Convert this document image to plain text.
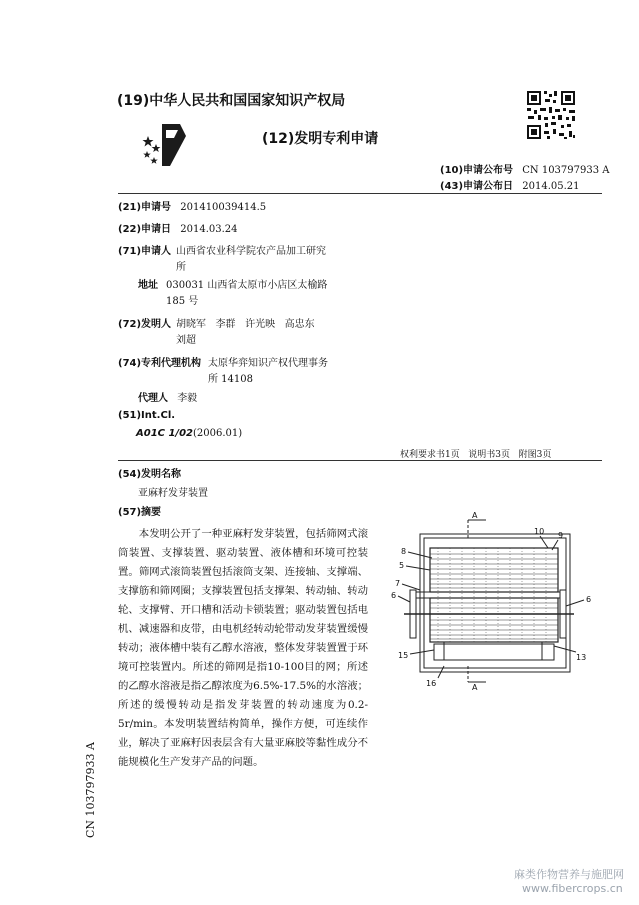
(19)中华人民共和国国家知识产权局
(12)发明专利申请
(10)申请公布号 CN 103797933 A
(43)申请公布日 2014.05.21
(21)申请号 201410039414.5
(22)申请日 2014.03.24
(71)申请人 山西省农业科学院农产品加工研究
所
地址 030031 山西省太原市小店区太榆路
185 号
(72)发明人 胡晓军   李群   许光映   高忠东
刘超
(74)专利代理机构 太原华弈知识产权代理事务
所 14108
代理人 李毅
(51)Int.Cl.
A01C 1/02(2006.01)
权利要求书1页   说明书3页   附图3页
(54)发明名称
亚麻籽发芽装置
(57)摘要

本发明公开了一种亚麻籽发芽装置，包括筛网式滚筒装置、支撑装置、驱动装置、液体槽和环境可控装置。筛网式滚筒装置包括滚筒支架、连接轴、支撑端、支撑筋和筛网圈；支撑装置包括支撑架、转动轴、转动轮、支撑臂、开口槽和活动卡锁装置；驱动装置包括电机、减速器和皮带，由电机经转动轮带动发芽装置缓慢转动；液体槽中装有乙醇水溶液，整体发芽装置置于环境可控装置内。所述的筛网是指10-100目的网；所述的乙醇水溶液是指乙醇浓度为6.5%-17.5%的水溶液；所述的缓慢转动是指发芽装置的转动速度为0.2-5r/min。本发明装置结构简单，操作方便，可连续作业，解决了亚麻籽因表层含有大量亚麻胶等黏性成分不能规模化生产发芽产品的问题。

A
A
10 9
8
5
7
6	6
15	13
16
CN 103797933 A
麻类作物营养与施肥网
www.fibercrops.cn
